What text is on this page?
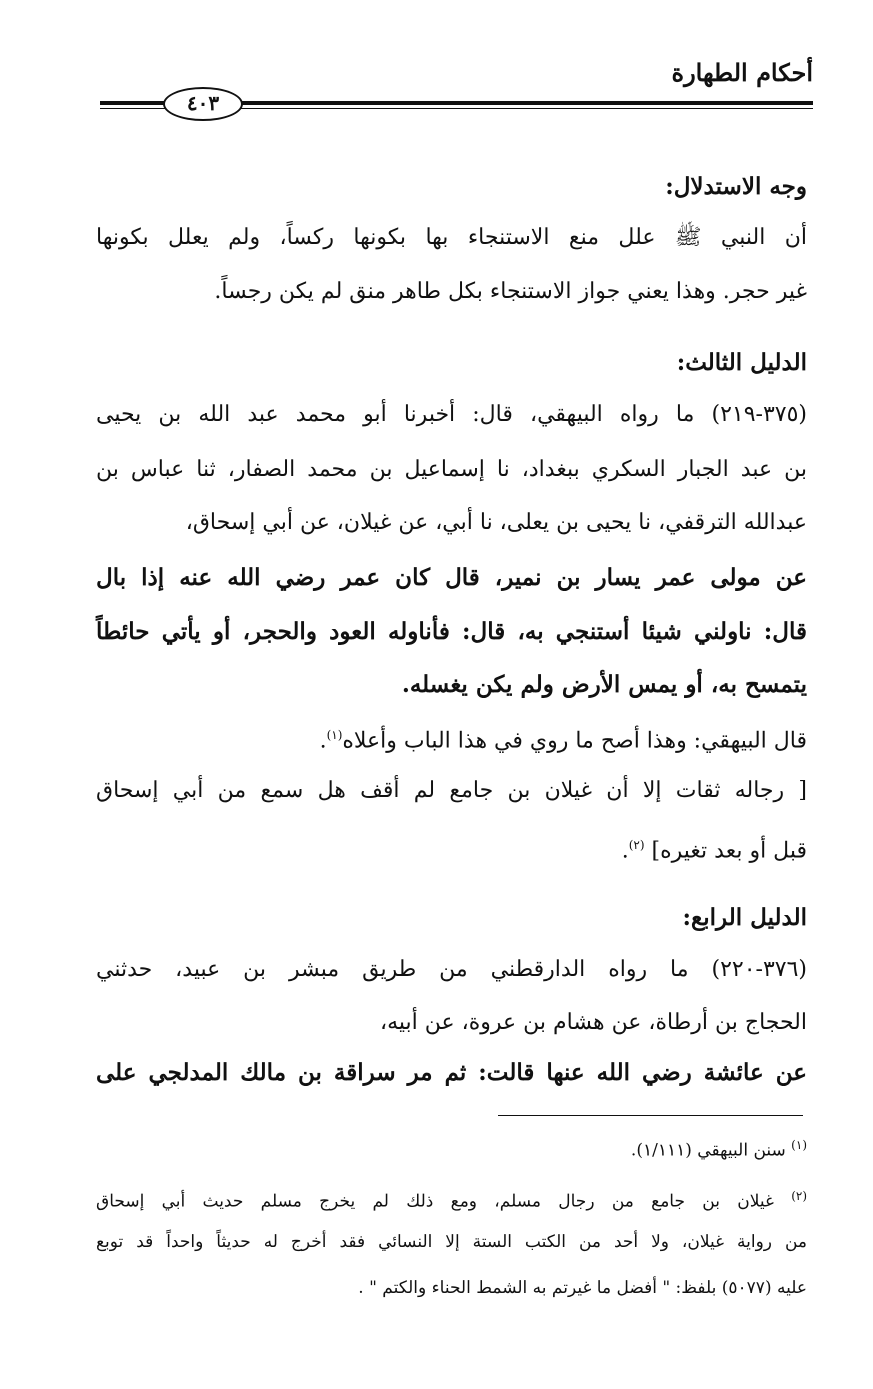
أحكام الطهارة
٤٠٣
وجه الاستدلال:
أن النبي ﷺ علل منع الاستنجاء بها بكونها ركساً، ولم يعلل بكونها
غير حجر. وهذا يعني جواز الاستنجاء بكل طاهر منق لم يكن رجساً.
الدليل الثالث:
(٣٧٥-٢١٩) ما رواه البيهقي، قال: أخبرنا أبو محمد عبد الله بن يحيى
بن عبد الجبار السكري ببغداد، نا إسماعيل بن محمد الصفار، ثنا عباس بن
عبدالله الترقفي، نا يحيى بن يعلى، نا أبي، عن غيلان، عن أبي إسحاق،
عن مولى عمر يسار بن نمير، قال كان عمر رضي الله عنه إذا بال
قال: ناولني شيئا أستنجي به، قال: فأناوله العود والحجر، أو يأتي حائطاً
يتمسح به، أو يمس الأرض ولم يكن يغسله.
قال البيهقي: وهذا أصح ما روي في هذا الباب وأعلاه$^{(١)}$.
[ رجاله ثقات إلا أن غيلان بن جامع لم أقف هل سمع من أبي إسحاق
قبل أو بعد تغيره] $^{(٢)}$.
الدليل الرابع:
(٣٧٦-٢٢٠) ما رواه الدارقطني من طريق مبشر بن عبيد، حدثني
الحجاج بن أرطاة، عن هشام بن عروة، عن أبيه،
عن عائشة رضي الله عنها قالت: ثم مر سراقة بن مالك المدلجي على
$^{(١)}$ سنن البيهقي (١/١١١).
$^{(٢)}$ غيلان بن جامع من رجال مسلم، ومع ذلك لم يخرج مسلم حديث أبي إسحاق
من رواية غيلان، ولا أحد من الكتب الستة إلا النسائي فقد أخرج له حديثاً واحداً قد توبع
عليه (٥٠٧٧) بلفظ: " أفضل ما غيرتم به الشمط الحناء والكتم " .
